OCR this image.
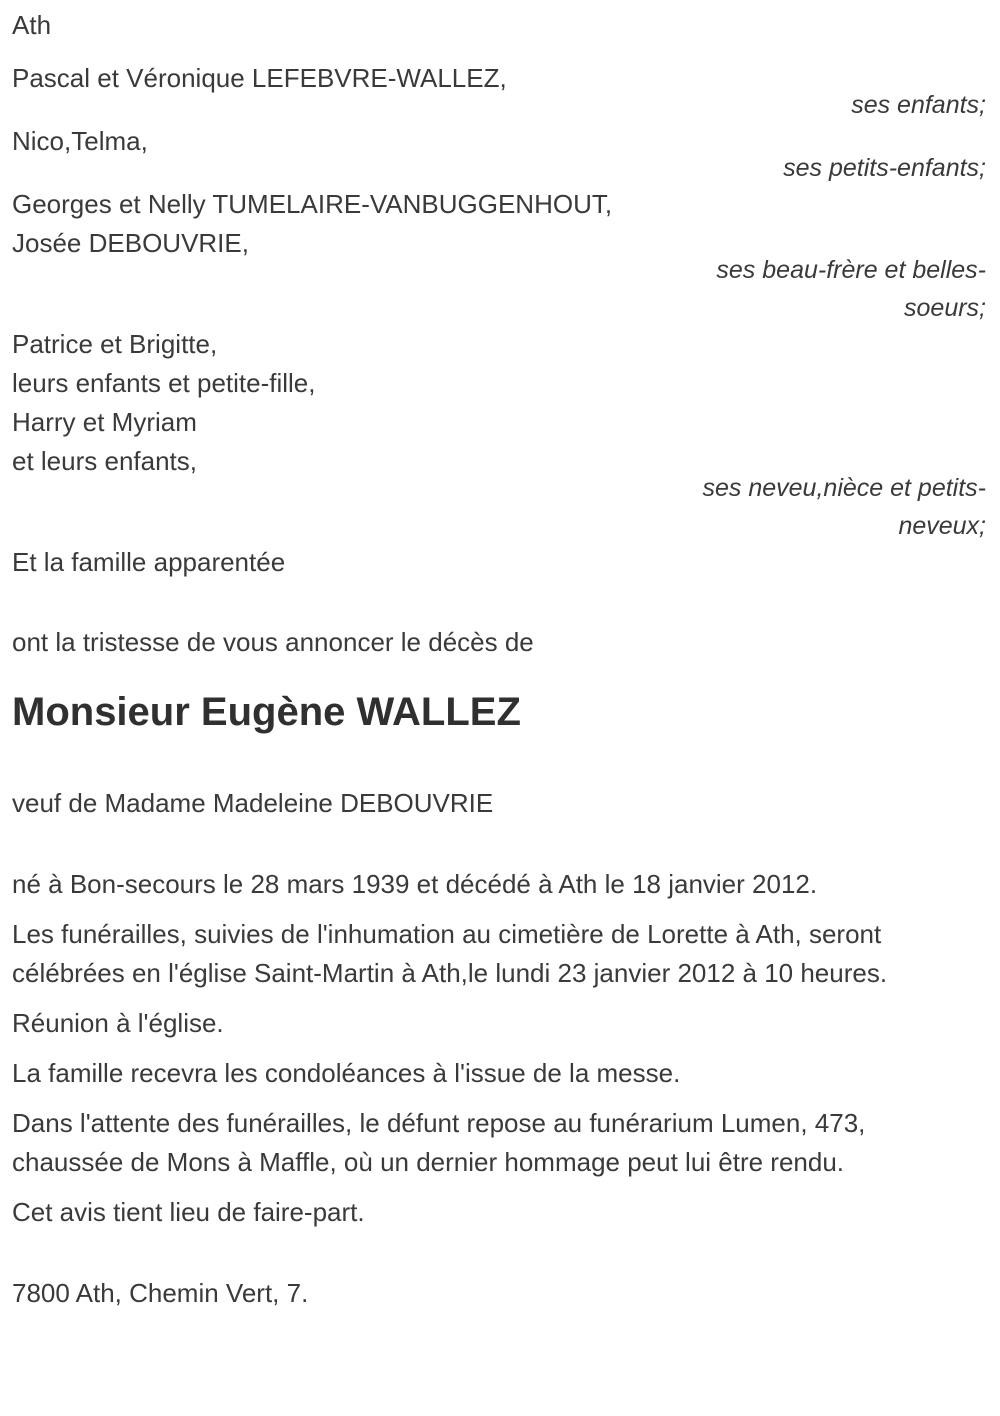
Ath

Pascal et Véronique LEFEBVRE-WALLEZ,

ses enfants;

Nico,Telma,

ses petits-enfants;

Georges et Nelly TUMELAIRE-VANBUGGENHOUT,

Josée DEBOUVRIE,

ses beau-frère et belles-soeurs;

Patrice et Brigitte,

leurs enfants et petite-fille,

Harry et Myriam

et leurs enfants,

ses neveu,nièce et petits-neveux;

Et la famille apparentée

ont la tristesse de vous annoncer le décès de

Monsieur Eugène WALLEZ

veuf de Madame Madeleine DEBOUVRIE

né à Bon-secours le 28 mars 1939 et décédé à Ath le 18 janvier 2012.

Les funérailles, suivies de l'inhumation au cimetière de Lorette à Ath, seront célébrées en l'église Saint-Martin à Ath,le lundi 23 janvier 2012 à 10 heures.

Réunion à l'église.

La famille recevra les condoléances à l'issue de la messe.

Dans l'attente des funérailles, le défunt repose au funérarium Lumen, 473, chaussée de Mons à Maffle, où un dernier hommage peut lui être rendu.

Cet avis tient lieu de faire-part.

7800 Ath, Chemin Vert, 7.
